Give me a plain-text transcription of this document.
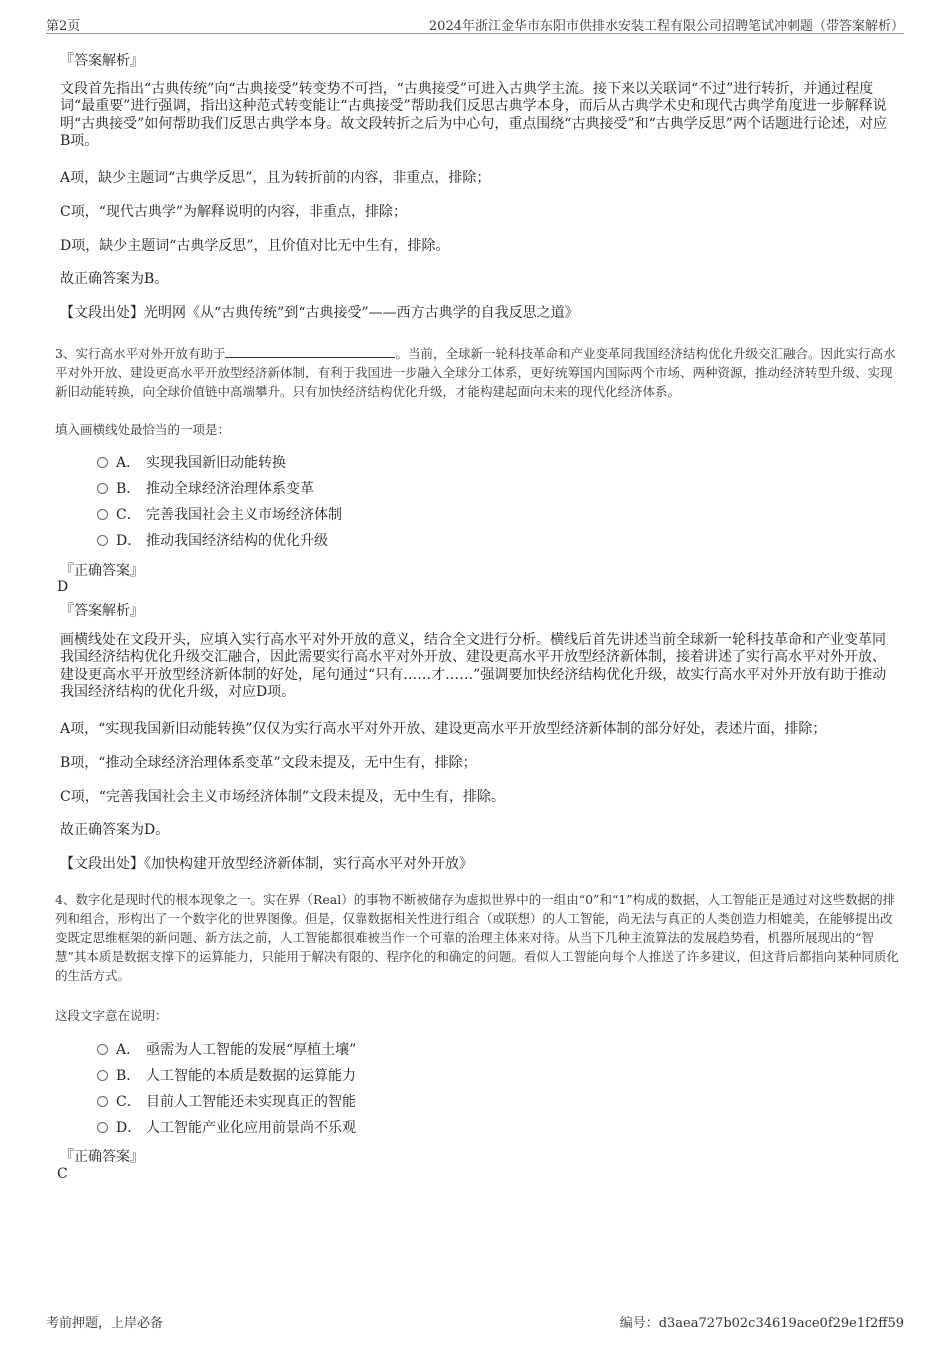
第2页	2024年浙江金华市东阳市供排水安装工程有限公司招聘笔试冲刺题（带答案解析）
『答案解析』
文段首先指出“古典传统”向“古典接受”转变势不可挡，“古典接受”可进入古典学主流。接下来以关联词“不过”进行转折，并通过程度词“最重要”进行强调，指出这种范式转变能让“古典接受”帮助我们反思古典学本身，而后从古典学术史和现代古典学角度进一步解释说明“古典接受”如何帮助我们反思古典学本身。故文段转折之后为中心句，重点围绕“古典接受”和“古典学反思”两个话题进行论述，对应B项。
A项，缺少主题词“古典学反思”，且为转折前的内容，非重点，排除；
C项，“现代古典学”为解释说明的内容，非重点，排除；
D项，缺少主题词“古典学反思”，且价值对比无中生有，排除。
故正确答案为B。
【文段出处】光明网《从“古典传统”到“古典接受”——西方古典学的自我反思之道》
3、实行高水平对外开放有助于	。当前，全球新一轮科技革命和产业变革同我国经济结构优化升级交汇融合。因此实行高水平对外开放、建设更高水平开放型经济新体制，有利于我国进一步融入全球分工体系，更好统筹国内国际两个市场、两种资源，推动经济转型升级、实现新旧动能转换，向全球价值链中高端攀升。只有加快经济结构优化升级，才能构建起面向未来的现代化经济体系。
填入画横线处最恰当的一项是：
A． 实现我国新旧动能转换
B． 推动全球经济治理体系变革
C． 完善我国社会主义市场经济体制
D． 推动我国经济结构的优化升级
『正确答案』
D
『答案解析』
画横线处在文段开头，应填入实行高水平对外开放的意义，结合全文进行分析。横线后首先讲述当前全球新一轮科技革命和产业变革同我国经济结构优化升级交汇融合，因此需要实行高水平对外开放、建设更高水平开放型经济新体制，接着讲述了实行高水平对外开放、建设更高水平开放型经济新体制的好处，尾句通过“只有……才……”强调要加快经济结构优化升级，故实行高水平对外开放有助于推动我国经济结构的优化升级，对应D项。
A项，“实现我国新旧动能转换”仅仅为实行高水平对外开放、建设更高水平开放型经济新体制的部分好处，表述片面，排除；
B项，“推动全球经济治理体系变革”文段未提及，无中生有，排除；
C项，“完善我国社会主义市场经济体制”文段未提及，无中生有，排除。
故正确答案为D。
【文段出处】《加快构建开放型经济新体制，实行高水平对外开放》
4、数字化是现时代的根本现象之一。实在界（Real）的事物不断被储存为虚拟世界中的一组由“0”和“1”构成的数据，人工智能正是通过对这些数据的排列和组合，形构出了一个数字化的世界图像。但是，仅靠数据相关性进行组合（或联想）的人工智能，尚无法与真正的人类创造力相媲美，在能够提出改变既定思维框架的新问题、新方法之前，人工智能都很难被当作一个可靠的治理主体来对待。从当下几种主流算法的发展趋势看，机器所展现出的“智慧”其本质是数据支撑下的运算能力，只能用于解决有限的、程序化的和确定的问题。看似人工智能向每个人推送了许多建议，但这背后都指向某种同质化的生活方式。
这段文字意在说明：
A． 亟需为人工智能的发展“厚植土壤”
B． 人工智能的本质是数据的运算能力
C． 目前人工智能还未实现真正的智能
D． 人工智能产业化应用前景尚不乐观
『正确答案』
C
考前押题，上岸必备	编号：d3aea727b02c34619ace0f29e1f2ff59
